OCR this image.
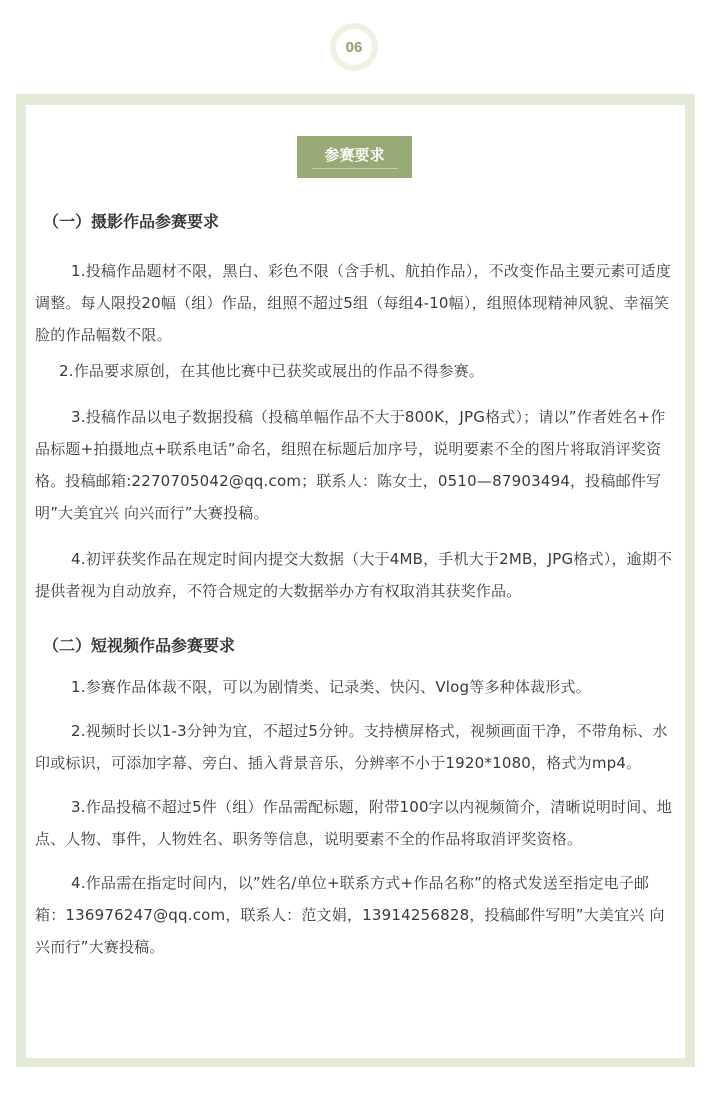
06
参赛要求
（一）摄影作品参赛要求

1.投稿作品题材不限，黑白、彩色不限（含手机、航拍作品），不改变作品主要元素可适度调整。每人限投20幅（组）作品，组照不超过5组（每组4-10幅），组照体现精神风貌、幸福笑脸的作品幅数不限。

2.作品要求原创，在其他比赛中已获奖或展出的作品不得参赛。

3.投稿作品以电子数据投稿（投稿单幅作品不大于800K，JPG格式）；请以”作者姓名+作品标题+拍摄地点+联系电话”命名，组照在标题后加序号，说明要素不全的图片将取消评奖资格。投稿邮箱:2270705042@qq.com；联系人：陈女士，0510—87903494，投稿邮件写明”大美宜兴 向兴而行”大赛投稿。

4.初评获奖作品在规定时间内提交大数据（大于4MB，手机大于2MB，JPG格式），逾期不提供者视为自动放弃，不符合规定的大数据举办方有权取消其获奖作品。

（二）短视频作品参赛要求

1.参赛作品体裁不限，可以为剧情类、记录类、快闪、Vlog等多种体裁形式。

2.视频时长以1-3分钟为宜，不超过5分钟。支持横屏格式，视频画面干净，不带角标、水印或标识，可添加字幕、旁白、插入背景音乐，分辨率不小于1920*1080，格式为mp4。

3.作品投稿不超过5件（组）作品需配标题，附带100字以内视频简介，清晰说明时间、地点、人物、事件，人物姓名、职务等信息，说明要素不全的作品将取消评奖资格。

4.作品需在指定时间内，以”姓名/单位+联系方式+作品名称”的格式发送至指定电子邮箱：136976247@qq.com，联系人：范文娟，13914256828，投稿邮件写明”大美宜兴 向兴而行”大赛投稿。
